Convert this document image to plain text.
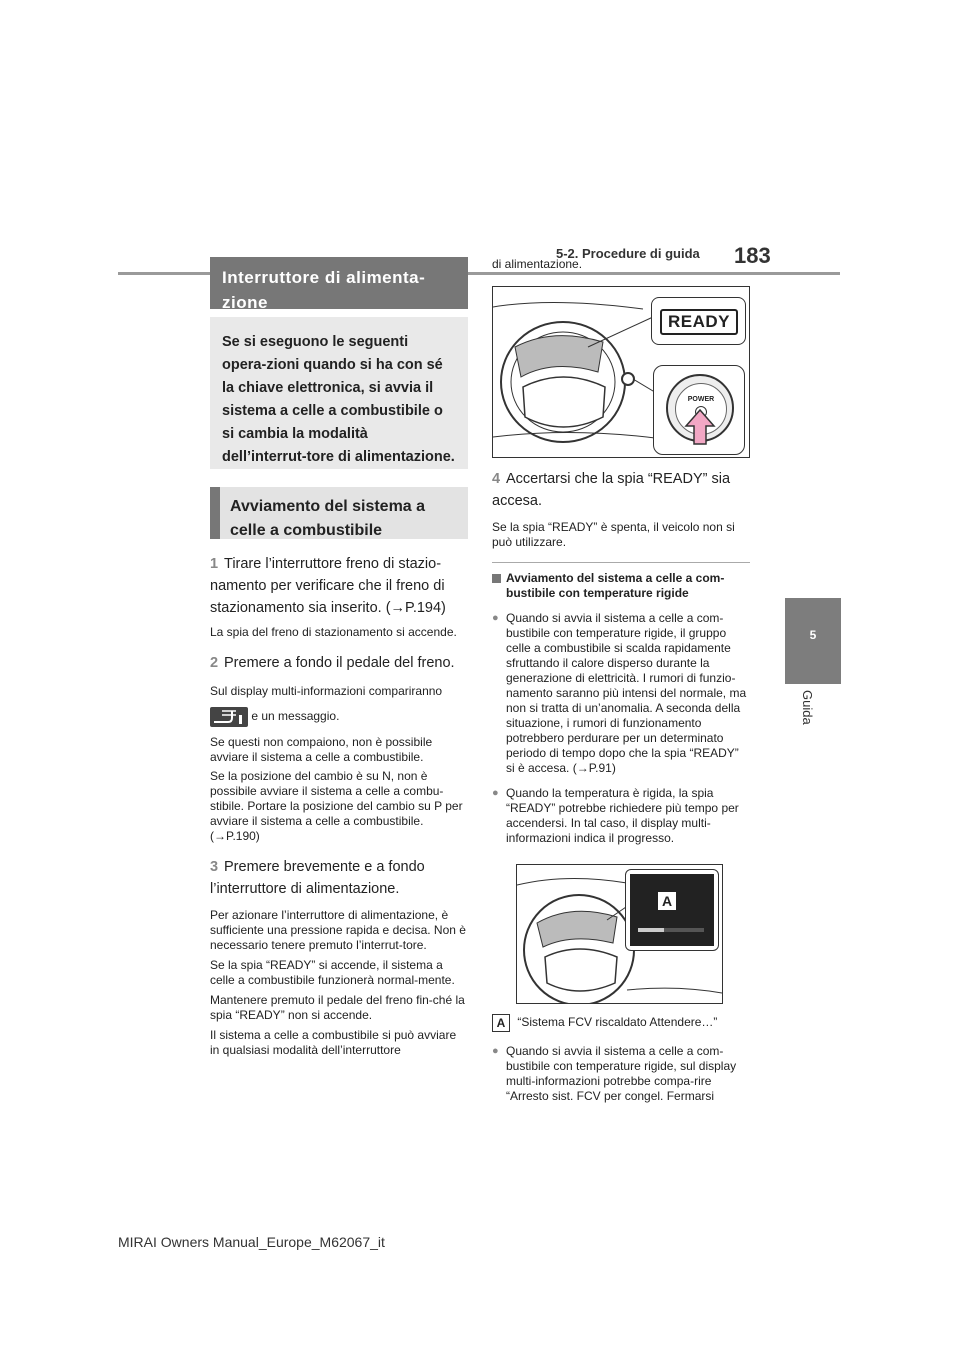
5-2. Procedure di guida 183
5
Guida
Interruttore di alimenta-
zione
Se si eseguono le seguenti opera-zioni quando si ha con sé la chiave elettronica, si avvia il sistema a celle a combustibile o si cambia la modalità dell’interrut-tore di alimentazione.
Avviamento del sistema a celle a combustibile
1 Tirare l’interruttore freno di stazio-namento per verificare che il freno di stazionamento sia inserito. (→P.194)
La spia del freno di stazionamento si accende.
2 Premere a fondo il pedale del freno.
Sul display multi-informazioni compariranno
e un messaggio.
Se questi non compaiono, non è possibile avviare il sistema a celle a combustibile.
Se la posizione del cambio è su N, non è possibile avviare il sistema a celle a combu-stibile. Portare la posizione del cambio su P per avviare il sistema a celle a combustibile. (→P.190)
3 Premere brevemente e a fondo l’interruttore di alimentazione.
Per azionare l’interruttore di alimentazione, è sufficiente una pressione rapida e decisa. Non è necessario tenere premuto l’interrut-tore.
Se la spia “READY” si accende, il sistema a celle a combustibile funzionerà normal-mente.
Mantenere premuto il pedale del freno fin-ché la spia “READY” non si accende.
Il sistema a celle a combustibile si può avviare in qualsiasi modalità dell’interruttore
di alimentazione.
READY
POWER
4 Accertarsi che la spia “READY” sia accesa.
Se la spia “READY” è spenta, il veicolo non si può utilizzare.
Avviamento del sistema a celle a com-bustibile con temperature rigide
● Quando si avvia il sistema a celle a com-bustibile con temperature rigide, il gruppo celle a combustibile si scalda rapidamente sfruttando il calore disperso durante la generazione di elettricità. I rumori di funzio-namento saranno più intensi del normale, ma non si tratta di un’anomalia. A seconda della situazione, i rumori di funzionamento potrebbero perdurare per un determinato periodo di tempo dopo che la spia “READY” si è accesa. (→P.91)
● Quando la temperatura è rigida, la spia “READY” potrebbe richiedere più tempo per accendersi. In tal caso, il display multi-informazioni indica il progresso.
A
A “Sistema FCV riscaldato Attendere…”
● Quando si avvia il sistema a celle a com-bustibile con temperature rigide, sul display multi-informazioni potrebbe compa-rire “Arresto sist. FCV per congel. Fermarsi
MIRAI Owners Manual_Europe_M62067_it
